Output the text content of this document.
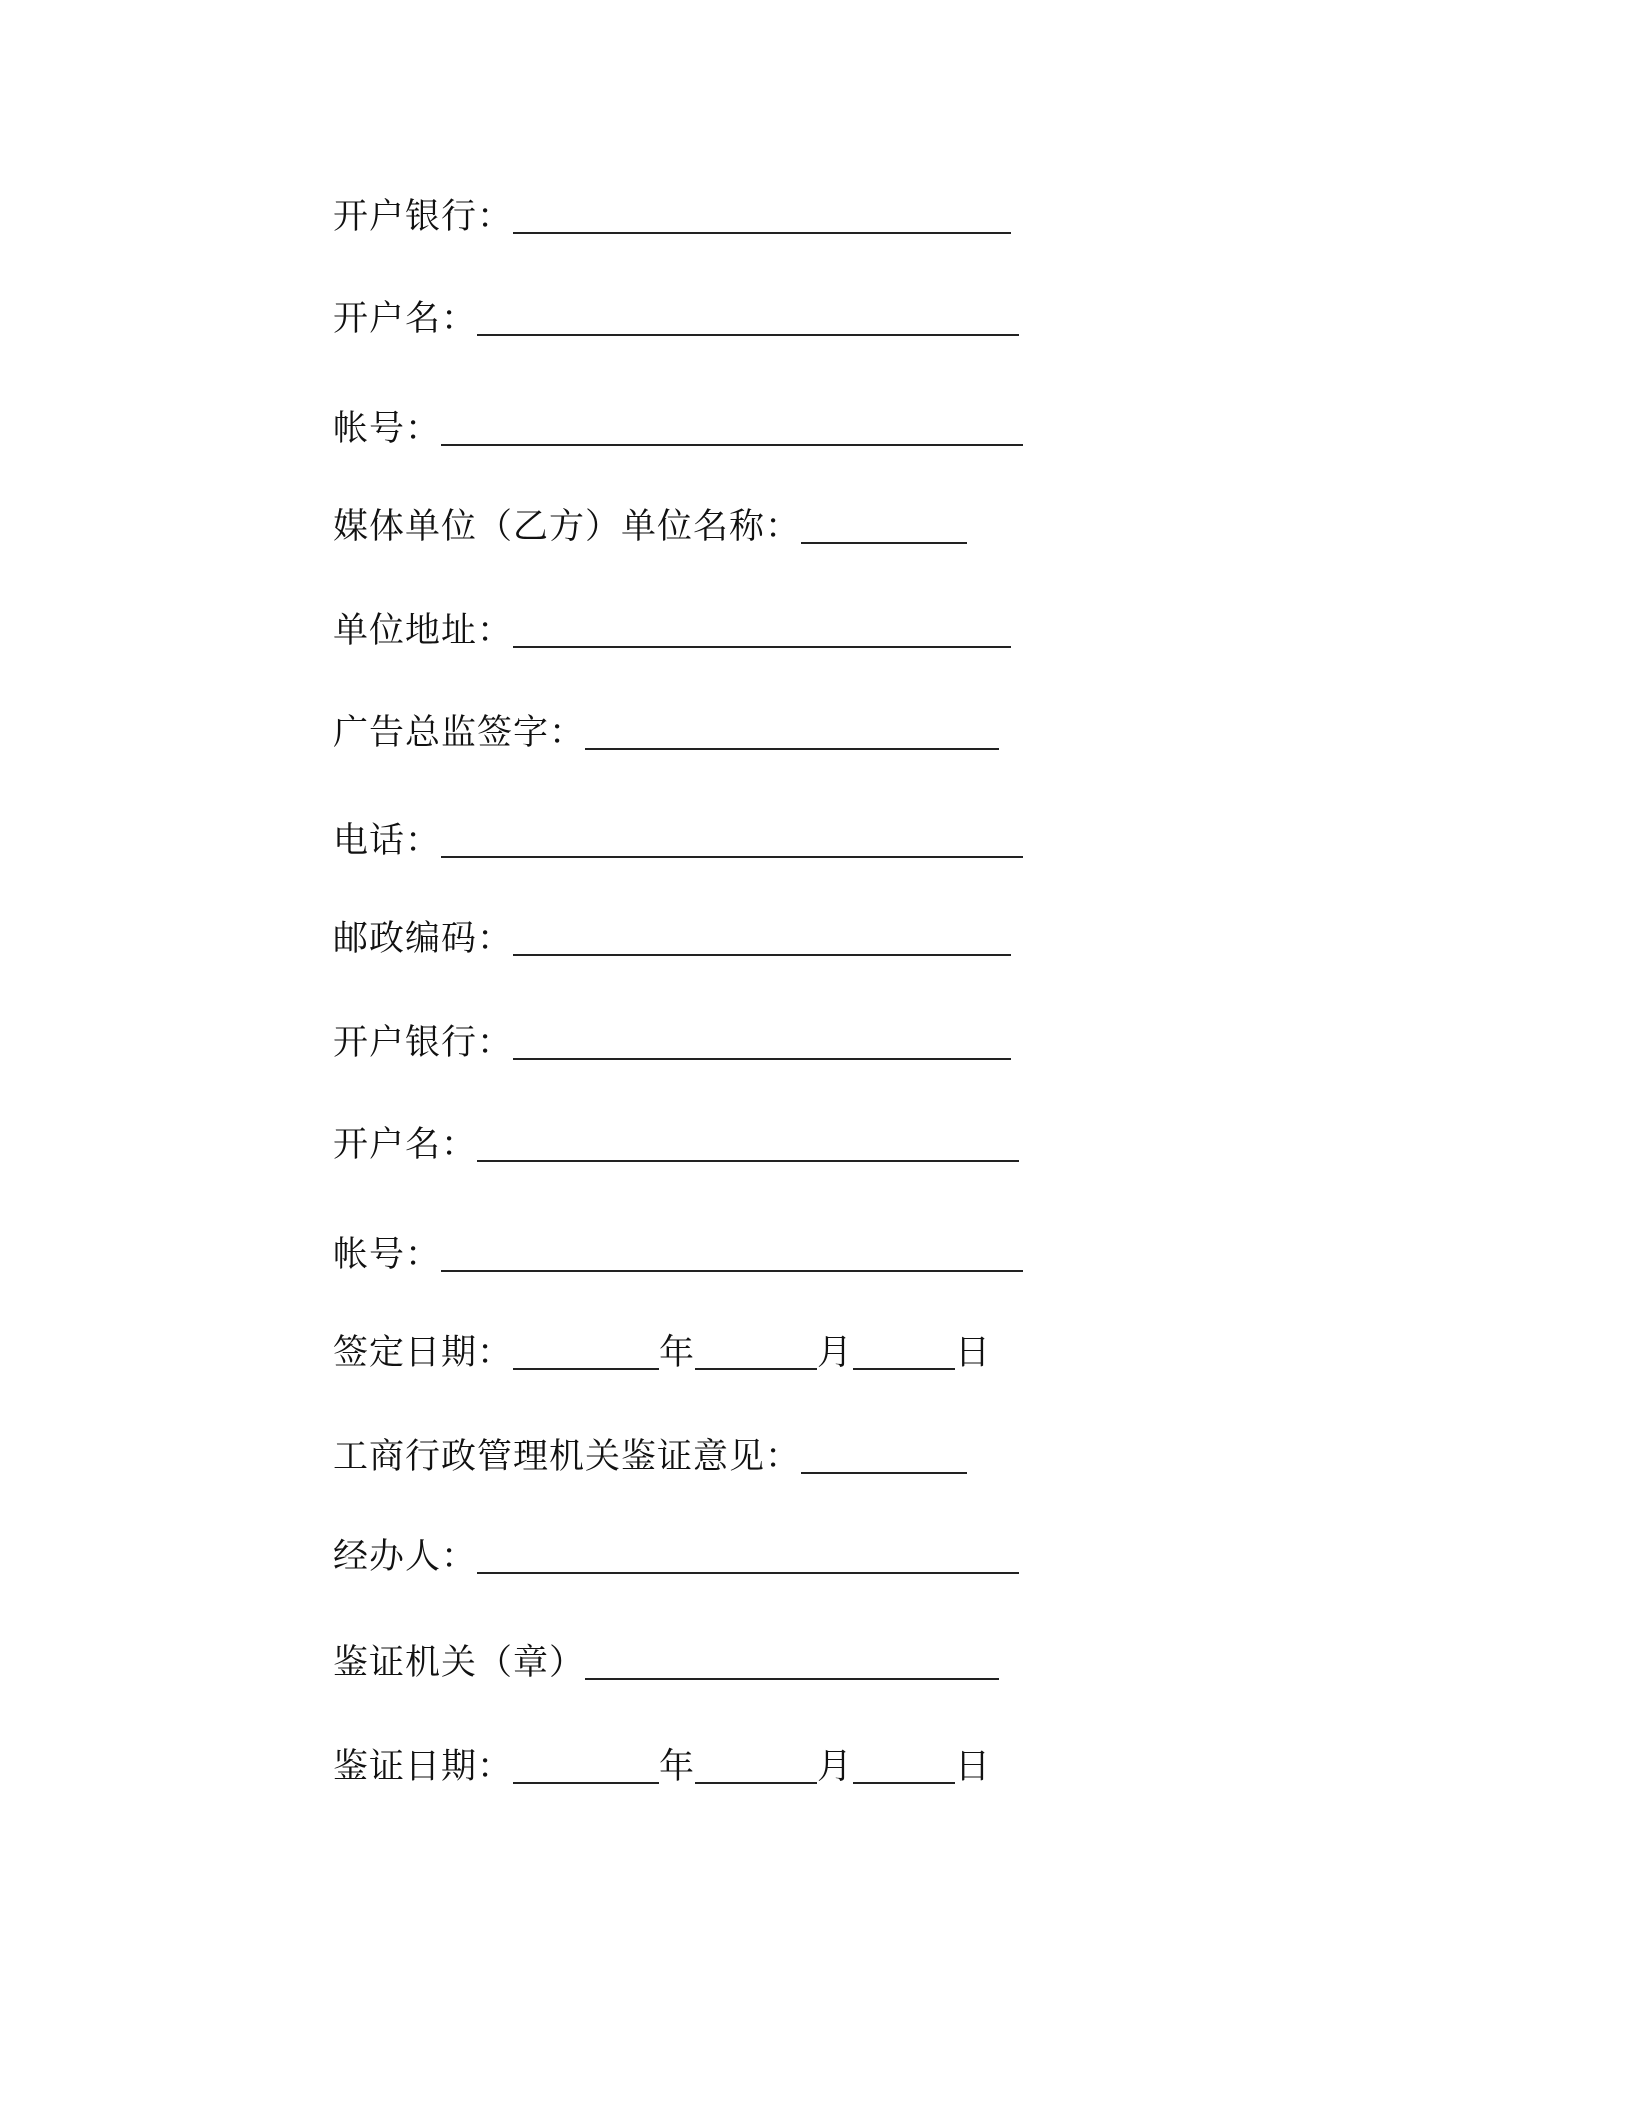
开户银行：
开户名：
帐号：
媒体单位（乙方）单位名称：
单位地址：
广告总监签字：
电话：
邮政编码：
开户银行：
开户名：
帐号：
签定日期：	年	月	日
工商行政管理机关鉴证意见：
经办人：
鉴证机关（章）
鉴证日期：	年	月	日
